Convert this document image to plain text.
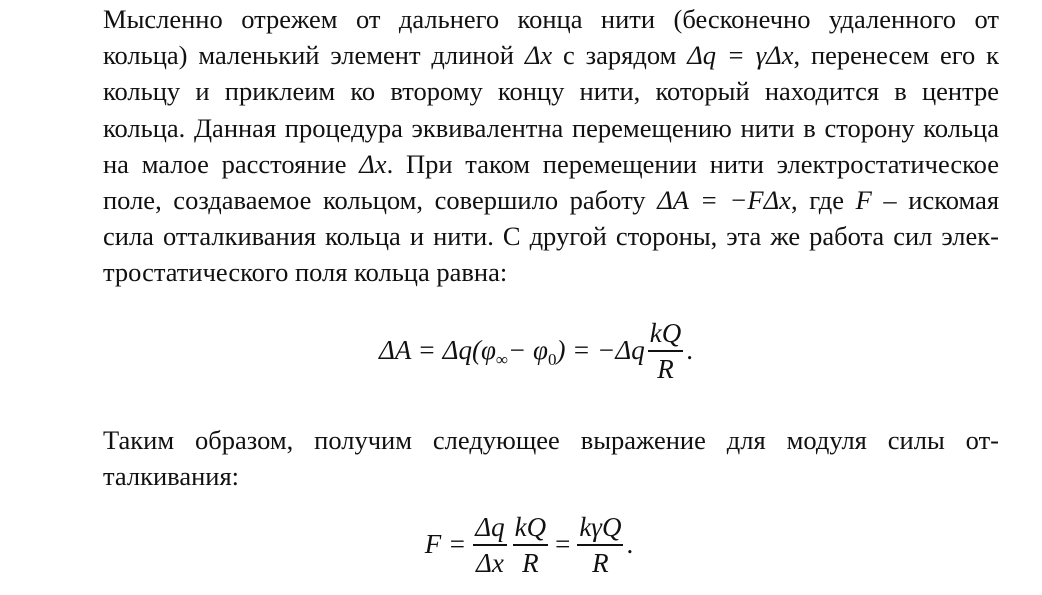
Мысленно отрежем от дальнего конца нити (бесконечно удаленного от
кольца) маленький элемент длиной Δx с зарядом Δq = γΔx, перенесем его к
кольцу и приклеим ко второму концу нити, который находится в центре
кольца. Данная процедура эквивалентна перемещению нити в сторону кольца
на малое расстояние Δx. При таком перемещении нити электростатическое
поле, создаваемое кольцом, совершило работу ΔA = −FΔx, где F – искомая
сила отталкивания кольца и нити. С другой стороны, эта же работа сил элек-
тростатического поля кольца равна:
ΔA = Δq(φ ∞ − φ 0 ) = $-\Delta q \frac{kQ}{R}$ .
Таким образом, получим следующее выражение для модуля силы от-
талкивания:
$F = \frac{\Delta q}{\Delta x} \frac{kQ}{R} = \frac{\text{kγQ}}{R}$ .
